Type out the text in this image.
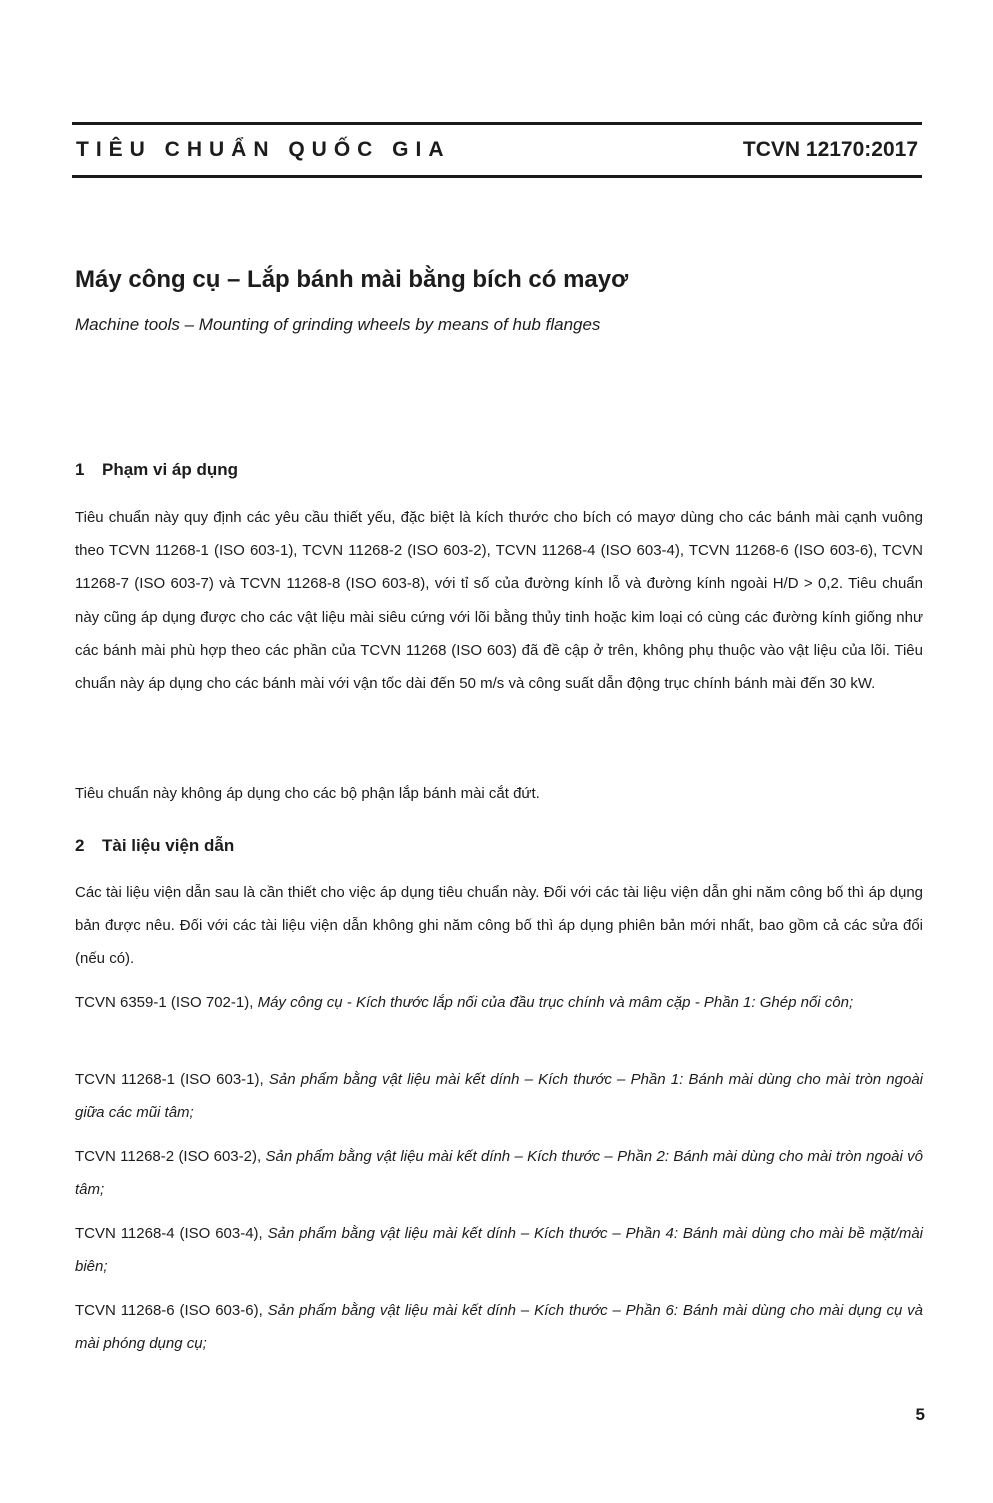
TIÊU CHUẨN QUỐC GIA	TCVN 12170:2017
Máy công cụ – Lắp bánh mài bằng bích có mayơ
Machine tools – Mounting of grinding wheels by means of hub flanges
1 Phạm vi áp dụng
Tiêu chuẩn này quy định các yêu cầu thiết yếu, đặc biệt là kích thước cho bích có mayơ dùng cho các bánh mài cạnh vuông theo TCVN 11268-1 (ISO 603-1), TCVN 11268-2 (ISO 603-2), TCVN 11268-4 (ISO 603-4), TCVN 11268-6 (ISO 603-6), TCVN 11268-7 (ISO 603-7) và TCVN 11268-8 (ISO 603-8), với tỉ số của đường kính lỗ và đường kính ngoài H/D > 0,2. Tiêu chuẩn này cũng áp dụng được cho các vật liệu mài siêu cứng với lõi bằng thủy tinh hoặc kim loại có cùng các đường kính giống như các bánh mài phù hợp theo các phần của TCVN 11268 (ISO 603) đã đề cập ở trên, không phụ thuộc vào vật liệu của lõi. Tiêu chuẩn này áp dụng cho các bánh mài với vận tốc dài đến 50 m/s và công suất dẫn động trục chính bánh mài đến 30 kW.
Tiêu chuẩn này không áp dụng cho các bộ phận lắp bánh mài cắt đứt.
2 Tài liệu viện dẫn
Các tài liệu viện dẫn sau là cần thiết cho việc áp dụng tiêu chuẩn này. Đối với các tài liệu viện dẫn ghi năm công bố thì áp dụng bản được nêu. Đối với các tài liệu viện dẫn không ghi năm công bố thì áp dụng phiên bản mới nhất, bao gồm cả các sửa đổi (nếu có).
TCVN 6359-1 (ISO 702-1), Máy công cụ - Kích thước lắp nối của đầu trục chính và mâm cặp - Phần 1: Ghép nối côn;
TCVN 11268-1 (ISO 603-1), Sản phẩm bằng vật liệu mài kết dính – Kích thước – Phần 1: Bánh mài dùng cho mài tròn ngoài giữa các mũi tâm;
TCVN 11268-2 (ISO 603-2), Sản phẩm bằng vật liệu mài kết dính – Kích thước – Phần 2: Bánh mài dùng cho mài tròn ngoài vô tâm;
TCVN 11268-4 (ISO 603-4), Sản phẩm bằng vật liệu mài kết dính – Kích thước – Phần 4: Bánh mài dùng cho mài bề mặt/mài biên;
TCVN 11268-6 (ISO 603-6), Sản phẩm bằng vật liệu mài kết dính – Kích thước – Phần 6: Bánh mài dùng cho mài dụng cụ và mài phóng dụng cụ;
5
